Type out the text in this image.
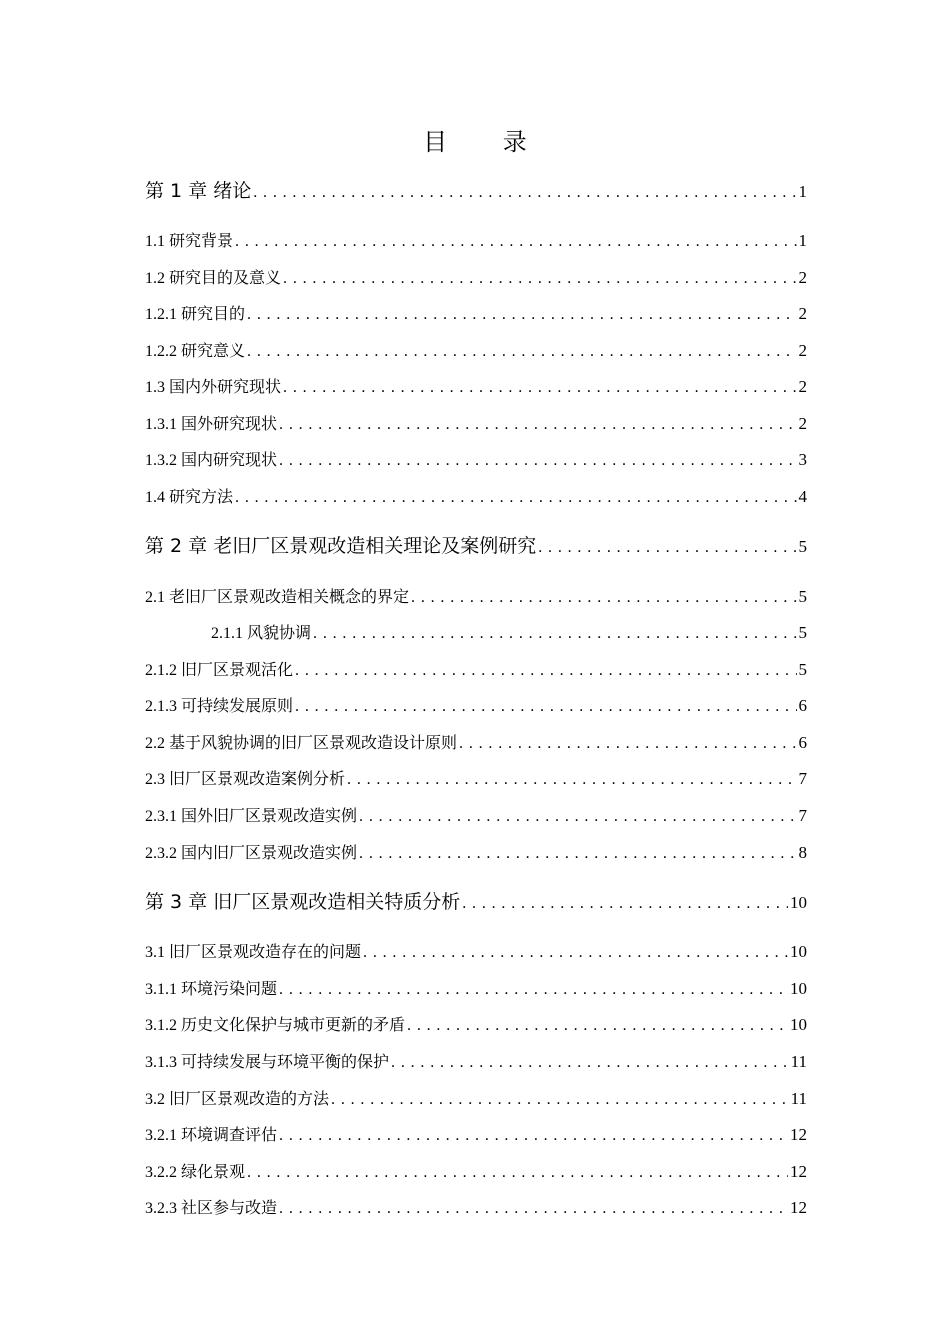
目 录
第 1 章 绪论 . . .	1
1.1 研究背景 . . .	1
1.2 研究目的及意义 . . .	2
1.2.1 研究目的 . . .	2
1.2.2 研究意义 . . .	2
1.3 国内外研究现状 . . .	2
1.3.1 国外研究现状 . . .	2
1.3.2 国内研究现状 . . .	3
1.4 研究方法 . . .	4
第 2 章 老旧厂区景观改造相关理论及案例研究 . . .	5
2.1 老旧厂区景观改造相关概念的界定 . . .	5
2.1.1 风貌协调 . . .	5
2.1.2 旧厂区景观活化 . . .	5
2.1.3 可持续发展原则 . . .	6
2.2 基于风貌协调的旧厂区景观改造设计原则 . . .	6
2.3 旧厂区景观改造案例分析 . . .	7
2.3.1 国外旧厂区景观改造实例 . . .	7
2.3.2 国内旧厂区景观改造实例 . . .	8
第 3 章 旧厂区景观改造相关特质分析 . . .	10
3.1 旧厂区景观改造存在的问题 . . .	10
3.1.1 环境污染问题 . . .	10
3.1.2 历史文化保护与城市更新的矛盾 . . .	10
3.1.3 可持续发展与环境平衡的保护 . . .	11
3.2 旧厂区景观改造的方法 . . .	11
3.2.1 环境调查评估 . . .	12
3.2.2 绿化景观 . . .	12
3.2.3 社区参与改造 . . .	12
